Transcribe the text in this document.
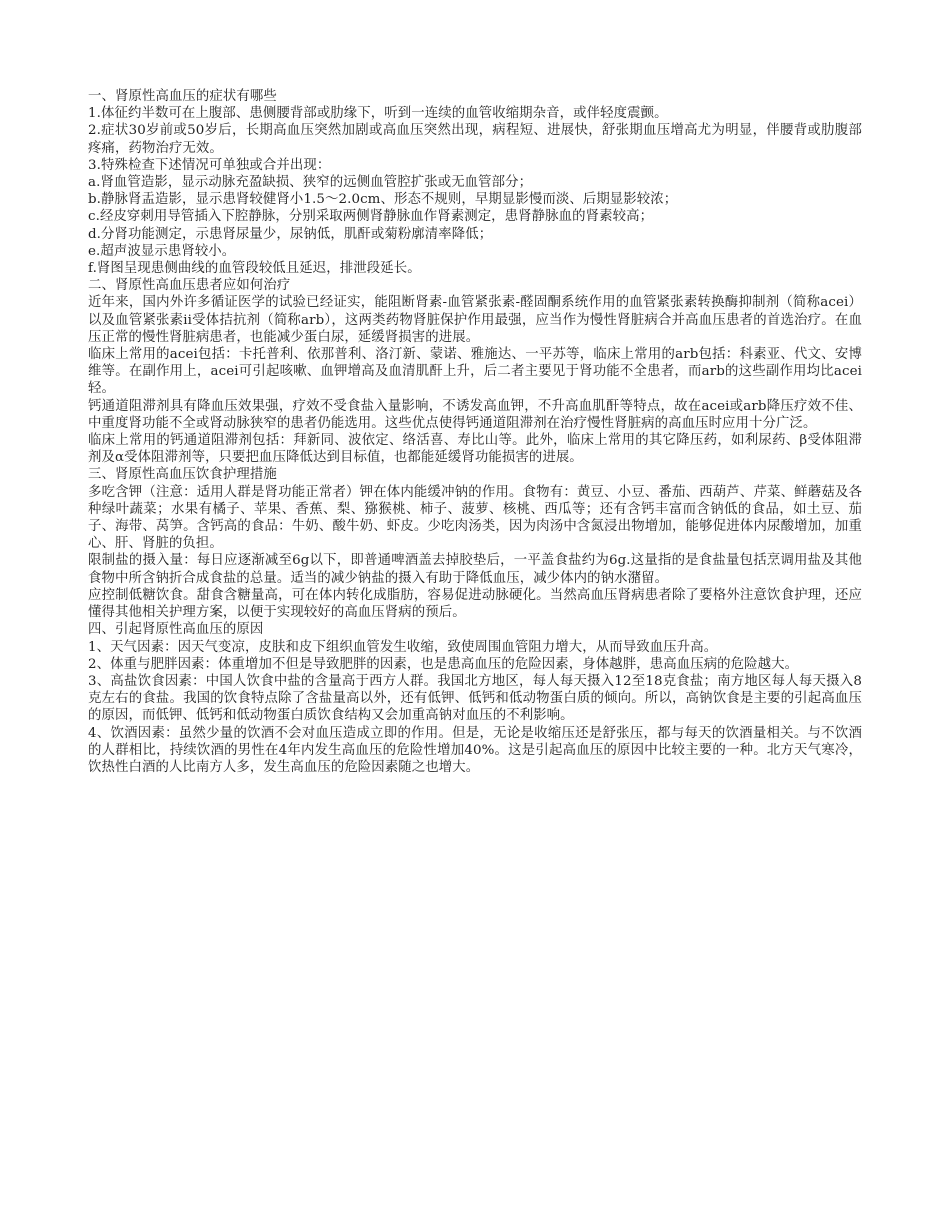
一、肾原性高血压的症状有哪些

1.体征约半数可在上腹部、患侧腰背部或肋缘下，听到一连续的血管收缩期杂音，或伴轻度震颤。

2.症状30岁前或50岁后，长期高血压突然加剧或高血压突然出现，病程短、进展快，舒张期血压增高尤为明显，伴腰背或肋腹部疼痛，药物治疗无效。

3.特殊检查下述情况可单独或合并出现：

a.肾血管造影，显示动脉充盈缺损、狭窄的远侧血管腔扩张或无血管部分；

b.静脉肾盂造影，显示患肾较健肾小1.5～2.0cm、形态不规则，早期显影慢而淡、后期显影较浓；

c.经皮穿刺用导管插入下腔静脉，分别采取两侧肾静脉血作肾素测定，患肾静脉血的肾素较高；

d.分肾功能测定，示患肾尿量少，尿钠低，肌酐或菊粉廓清率降低；

e.超声波显示患肾较小。

f.肾图呈现患侧曲线的血管段较低且延迟，排泄段延长。

二、肾原性高血压患者应如何治疗

近年来，国内外许多循证医学的试验已经证实，能阻断肾素-血管紧张素-醛固酮系统作用的血管紧张素转换酶抑制剂（简称acei）以及血管紧张素ii受体拮抗剂（简称arb），这两类药物肾脏保护作用最强，应当作为慢性肾脏病合并高血压患者的首选治疗。在血压正常的慢性肾脏病患者，也能减少蛋白尿，延缓肾损害的进展。

临床上常用的acei包括：卡托普利、依那普利、洛汀新、蒙诺、雅施达、一平苏等，临床上常用的arb包括：科素亚、代文、安博维等。在副作用上，acei可引起咳嗽、血钾增高及血清肌酐上升，后二者主要见于肾功能不全患者，而arb的这些副作用均比acei轻。

钙通道阻滞剂具有降血压效果强，疗效不受食盐入量影响，不诱发高血钾，不升高血肌酐等特点，故在acei或arb降压疗效不佳、中重度肾功能不全或肾动脉狭窄的患者仍能选用。这些优点使得钙通道阻滞剂在治疗慢性肾脏病的高血压时应用十分广泛。

临床上常用的钙通道阻滞剂包括：拜新同、波依定、络活喜、寿比山等。此外，临床上常用的其它降压药，如利尿药、β受体阻滞剂及α受体阻滞剂等，只要把血压降低达到目标值，也都能延缓肾功能损害的进展。

三、肾原性高血压饮食护理措施

多吃含钾（注意：适用人群是肾功能正常者）钾在体内能缓冲钠的作用。食物有：黄豆、小豆、番茄、西葫芦、芹菜、鲜蘑菇及各种绿叶蔬菜；水果有橘子、苹果、香蕉、梨、猕猴桃、柿子、菠萝、核桃、西瓜等；还有含钙丰富而含钠低的食品，如土豆、茄子、海带、莴笋。含钙高的食品：牛奶、酸牛奶、虾皮。少吃肉汤类，因为肉汤中含氮浸出物增加，能够促进体内尿酸增加，加重心、肝、肾脏的负担。

限制盐的摄入量：每日应逐渐减至6g以下，即普通啤酒盖去掉胶垫后，一平盖食盐约为6g.这量指的是食盐量包括烹调用盐及其他食物中所含钠折合成食盐的总量。适当的减少钠盐的摄入有助于降低血压，减少体内的钠水潴留。

应控制低糖饮食。甜食含糖量高，可在体内转化成脂肪，容易促进动脉硬化。当然高血压肾病患者除了要格外注意饮食护理，还应懂得其他相关护理方案，以便于实现较好的高血压肾病的预后。

四、引起肾原性高血压的原因

1、天气因素：因天气变凉，皮肤和皮下组织血管发生收缩，致使周围血管阻力增大，从而导致血压升高。

2、体重与肥胖因素：体重增加不但是导致肥胖的因素，也是患高血压的危险因素，身体越胖，患高血压病的危险越大。

3、高盐饮食因素：中国人饮食中盐的含量高于西方人群。我国北方地区，每人每天摄入12至18克食盐；南方地区每人每天摄入8克左右的食盐。我国的饮食特点除了含盐量高以外，还有低钾、低钙和低动物蛋白质的倾向。所以，高钠饮食是主要的引起高血压的原因，而低钾、低钙和低动物蛋白质饮食结构又会加重高钠对血压的不利影响。

4、饮酒因素：虽然少量的饮酒不会对血压造成立即的作用。但是，无论是收缩压还是舒张压，都与每天的饮酒量相关。与不饮酒的人群相比，持续饮酒的男性在4年内发生高血压的危险性增加40%。这是引起高血压的原因中比较主要的一种。北方天气寒冷，饮热性白酒的人比南方人多，发生高血压的危险因素随之也增大。
